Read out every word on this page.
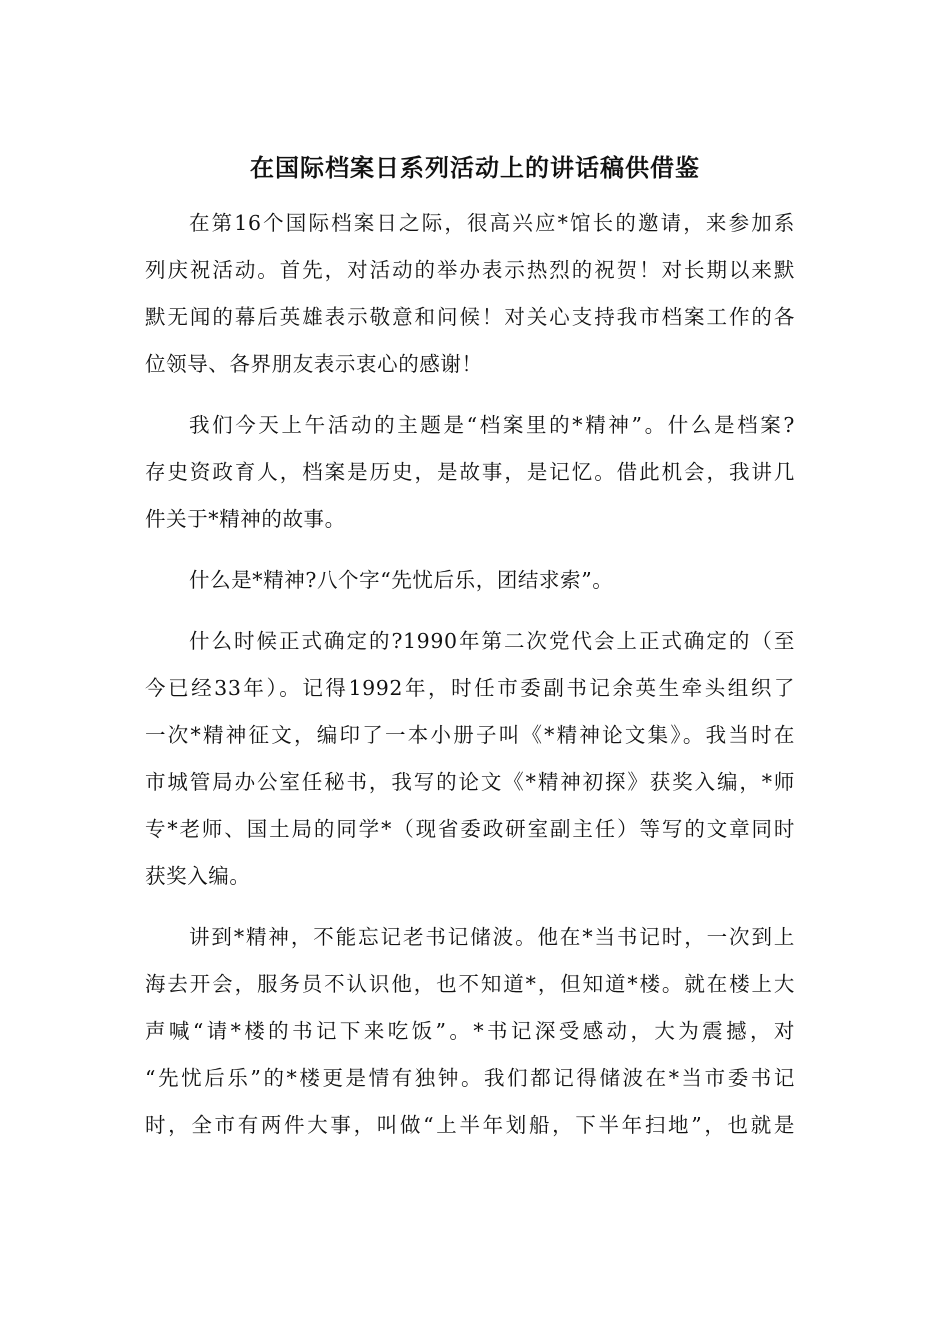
在国际档案日系列活动上的讲话稿供借鉴

在第16个国际档案日之际，很高兴应*馆长的邀请，来参加系
列庆祝活动。首先，对活动的举办表示热烈的祝贺！对长期以来默
默无闻的幕后英雄表示敬意和问候！对关心支持我市档案工作的各
位领导、各界朋友表示衷心的感谢！

我们今天上午活动的主题是“档案里的*精神”。什么是档案?
存史资政育人，档案是历史，是故事，是记忆。借此机会，我讲几
件关于*精神的故事。

什么是*精神?八个字“先忧后乐，团结求索”。

什么时候正式确定的?1990年第二次党代会上正式确定的（至
今已经33年）。记得1992年，时任市委副书记余英生牵头组织了
一次*精神征文，编印了一本小册子叫《*精神论文集》。我当时在
市城管局办公室任秘书，我写的论文《*精神初探》获奖入编，*师
专*老师、国土局的同学*（现省委政研室副主任）等写的文章同时
获奖入编。

讲到*精神，不能忘记老书记储波。他在*当书记时，一次到上
海去开会，服务员不认识他，也不知道*，但知道*楼。就在楼上大
声喊“请*楼的书记下来吃饭”。*书记深受感动，大为震撼，对
“先忧后乐”的*楼更是情有独钟。我们都记得储波在*当市委书记
时，全市有两件大事，叫做“上半年划船，下半年扫地”，也就是
